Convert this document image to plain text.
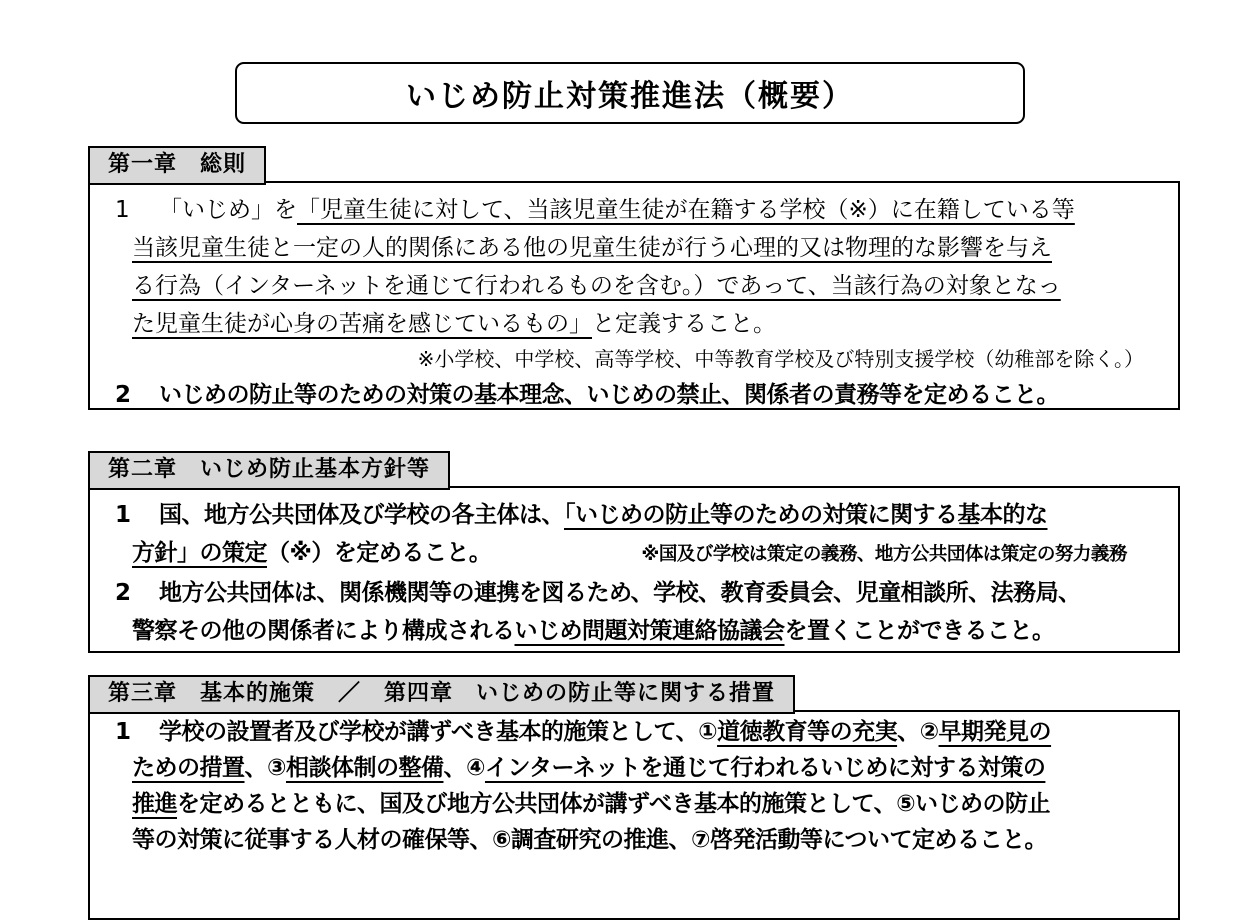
いじめ防止対策推進法（概要）
第一章　総則

1 「いじめ」を「児童生徒に対して、当該児童生徒が在籍する学校（※）に在籍している等
当該児童生徒と一定の人的関係にある他の児童生徒が行う心理的又は物理的な影響を与え
る行為（インターネットを通じて行われるものを含む。）であって、当該行為の対象となっ
た児童生徒が心身の苦痛を感じているもの」と定義すること。

※小学校、中学校、高等学校、中等教育学校及び特別支援学校（幼稚部を除く。）

2 いじめの防止等のための対策の基本理念、いじめの禁止、関係者の責務等を定めること。

第二章　いじめ防止基本方針等

1 国、地方公共団体及び学校の各主体は、「いじめの防止等のための対策に関する基本的な
方針」の策定（※）を定めること。	※国及び学校は策定の義務、地方公共団体は策定の努力義務

2 地方公共団体は、関係機関等の連携を図るため、学校、教育委員会、児童相談所、法務局、
警察その他の関係者により構成されるいじめ問題対策連絡協議会を置くことができること。

第三章　基本的施策　／　第四章　いじめの防止等に関する措置

1 学校の設置者及び学校が講ずべき基本的施策として、①道徳教育等の充実、②早期発見の
ための措置、③相談体制の整備、④インターネットを通じて行われるいじめに対する対策の
推進を定めるとともに、国及び地方公共団体が講ずべき基本的施策として、⑤いじめの防止
等の対策に従事する人材の確保等、⑥調査研究の推進、⑦啓発活動等について定めること。
